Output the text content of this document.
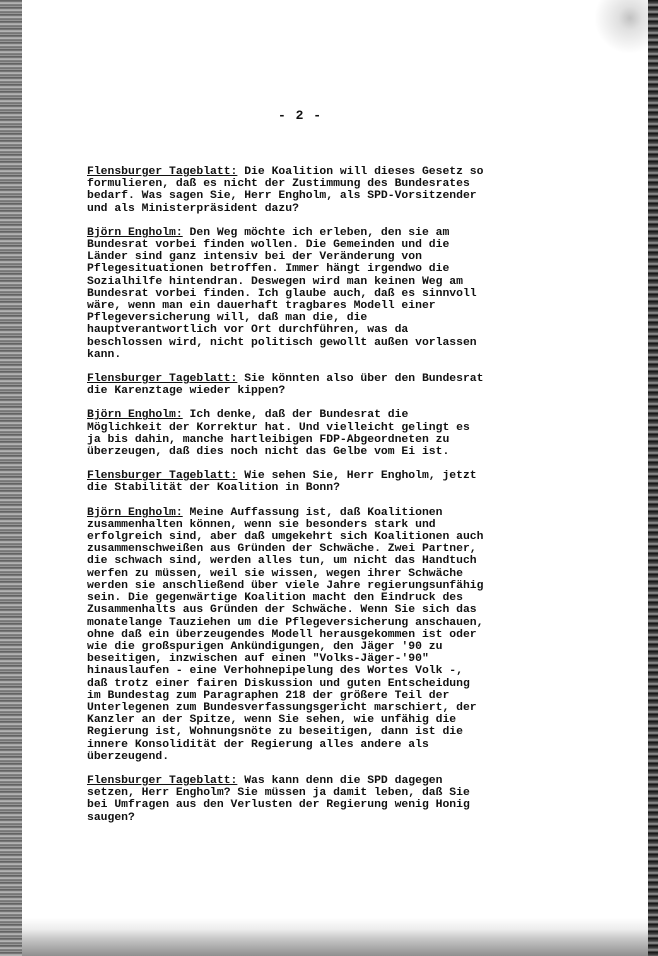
- 2 -

Flensburger Tageblatt: Die Koalition will dieses Gesetz so
formulieren, daß es nicht der Zustimmung des Bundesrates
bedarf. Was sagen Sie, Herr Engholm, als SPD-Vorsitzender
und als Ministerpräsident dazu?

Björn Engholm: Den Weg möchte ich erleben, den sie am
Bundesrat vorbei finden wollen. Die Gemeinden und die
Länder sind ganz intensiv bei der Veränderung von
Pflegesituationen betroffen. Immer hängt irgendwo die
Sozialhilfe hintendran. Deswegen wird man keinen Weg am
Bundesrat vorbei finden. Ich glaube auch, daß es sinnvoll
wäre, wenn man ein dauerhaft tragbares Modell einer
Pflegeversicherung will, daß man die, die
hauptverantwortlich vor Ort durchführen, was da
beschlossen wird, nicht politisch gewollt außen vorlassen
kann.

Flensburger Tageblatt: Sie könnten also über den Bundesrat
die Karenztage wieder kippen?

Björn Engholm: Ich denke, daß der Bundesrat die
Möglichkeit der Korrektur hat. Und vielleicht gelingt es
ja bis dahin, manche hartleibigen FDP-Abgeordneten zu
überzeugen, daß dies noch nicht das Gelbe vom Ei ist.

Flensburger Tageblatt: Wie sehen Sie, Herr Engholm, jetzt
die Stabilität der Koalition in Bonn?

Björn Engholm: Meine Auffassung ist, daß Koalitionen
zusammenhalten können, wenn sie besonders stark und
erfolgreich sind, aber daß umgekehrt sich Koalitionen auch
zusammenschweißen aus Gründen der Schwäche. Zwei Partner,
die schwach sind, werden alles tun, um nicht das Handtuch
werfen zu müssen, weil sie wissen, wegen ihrer Schwäche
werden sie anschließend über viele Jahre regierungsunfähig
sein. Die gegenwärtige Koalition macht den Eindruck des
Zusammenhalts aus Gründen der Schwäche. Wenn Sie sich das
monatelange Tauziehen um die Pflegeversicherung anschauen,
ohne daß ein überzeugendes Modell herausgekommen ist oder
wie die großspurigen Ankündigungen, den Jäger '90 zu
beseitigen, inzwischen auf einen "Volks-Jäger-'90"
hinauslaufen - eine Verhohnepipelung des Wortes Volk -,
daß trotz einer fairen Diskussion und guten Entscheidung
im Bundestag zum Paragraphen 218 der größere Teil der
Unterlegenen zum Bundesverfassungsgericht marschiert, der
Kanzler an der Spitze, wenn Sie sehen, wie unfähig die
Regierung ist, Wohnungsnöte zu beseitigen, dann ist die
innere Konsolidität der Regierung alles andere als
überzeugend.

Flensburger Tageblatt: Was kann denn die SPD dagegen
setzen, Herr Engholm? Sie müssen ja damit leben, daß Sie
bei Umfragen aus den Verlusten der Regierung wenig Honig
saugen?
